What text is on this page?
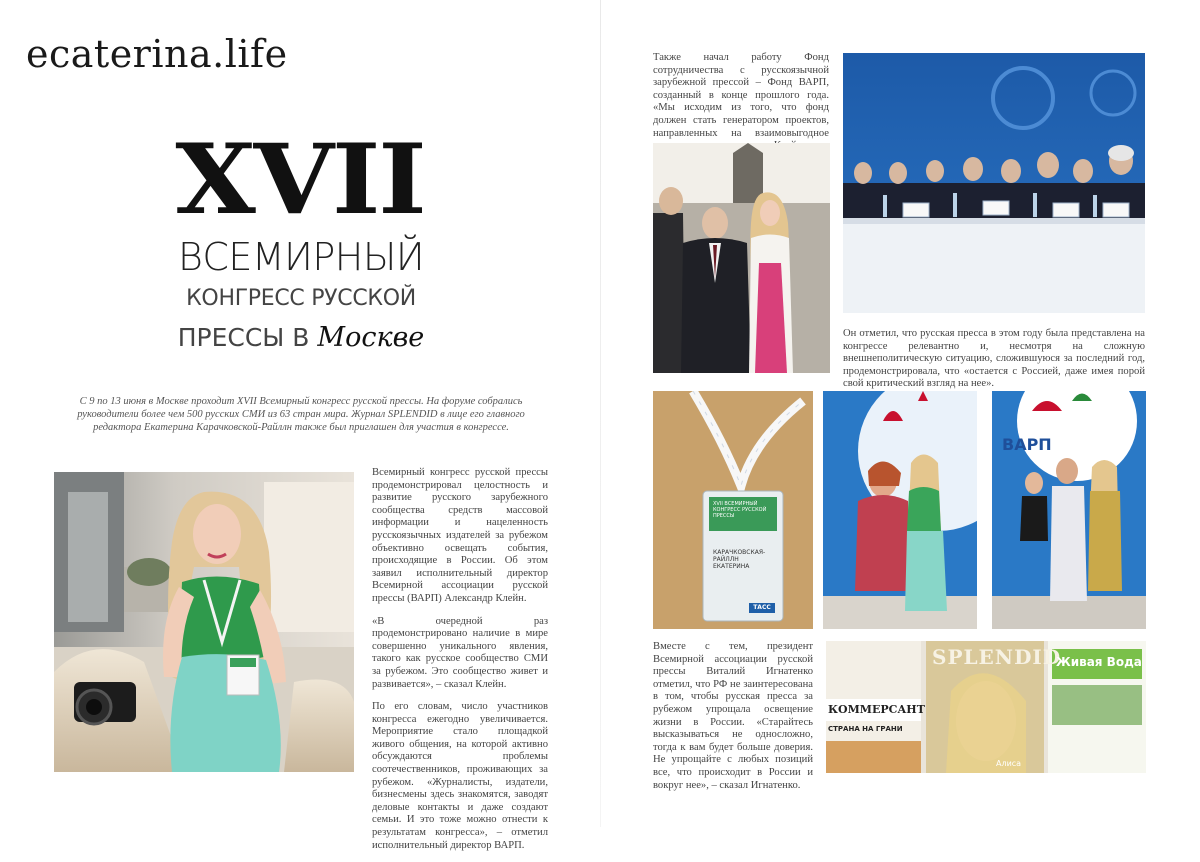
ecaterina.life
XVII
ВСЕМИРНЫЙ
КОНГРЕСС РУССКОЙ
ПРЕССЫ В Москве
С 9 по 13 июня в Москве проходит XVII Всемирный конгресс русской прессы. На форуме собрались руководители более чем 500 русских СМИ из 63 стран мира. Журнал SPLENDID в лице его главного редактора Екатерина Карачковской-Райллн также был приглашен для участия в конгрессе.

Всемирный конгресс русской прессы продемонстрировал целостность и развитие русского зарубежного сообщества средств массовой информации и нацеленность русскоязычных издателей за рубежом объективно освещать события, происходящие в России. Об этом заявил исполнительный директор Всемирной ассоциации русской прессы (ВАРП) Александр Клейн.

«В очередной раз продемонстрировано наличие в мире совершенно уникального явления, такого как русское сообщество СМИ за рубежом. Это сообщество живет и развивается», – сказал Клейн.

По его словам, число участников конгресса ежегодно увеличивается. Мероприятие стало площадкой живого общения, на которой активно обсуждаются проблемы соотечественников, проживающих за рубежом. «Журналисты, издатели, бизнесмены здесь знакомятся, заводят деловые контакты и даже создают семьи. И это тоже можно отнести к результатам конгресса», – отметил исполнительный директор ВАРП.

Также начал работу Фонд сотрудничества с русскоязычной зарубежной прессой – Фонд ВАРП, созданный в конце прошлого года. «Мы исходим из того, что фонд должен стать генератором проектов, направленных на взаимовыгодное
Он отметил, что русская пресса в этом году была представлена на конгрессе релевантно и, несмотря на сложную внешнеполитическую ситуацию, сложившуюся за последний год, продемонстрировала, что «остается с Россией, даже имея порой свой критический взгляд на нее».
XVII ВСЕМИРНЫЙ КОНГРЕСС РУССКОЙ ПРЕССЫ
КАРАЧКОВСКАЯ-РАЙЛЛН ЕКАТЕРИНА
ТАСС
ВАРП
Вместе с тем, президент Всемирной ассоциации русской прессы Виталий Игнатенко отметил, что РФ не заинтересована в том, чтобы русская пресса за рубежом упрощала освещение жизни в России. «Старайтесь высказываться не односложно, тогда к вам будет больше доверия. Не упрощайте с любых позиций все, что происходит в России и вокруг нее», – сказал Игнатенко.
SPLENDID
КОММЕРСАНТ
СТРАНА НА ГРАНИ
Живая Вода
Алиса
